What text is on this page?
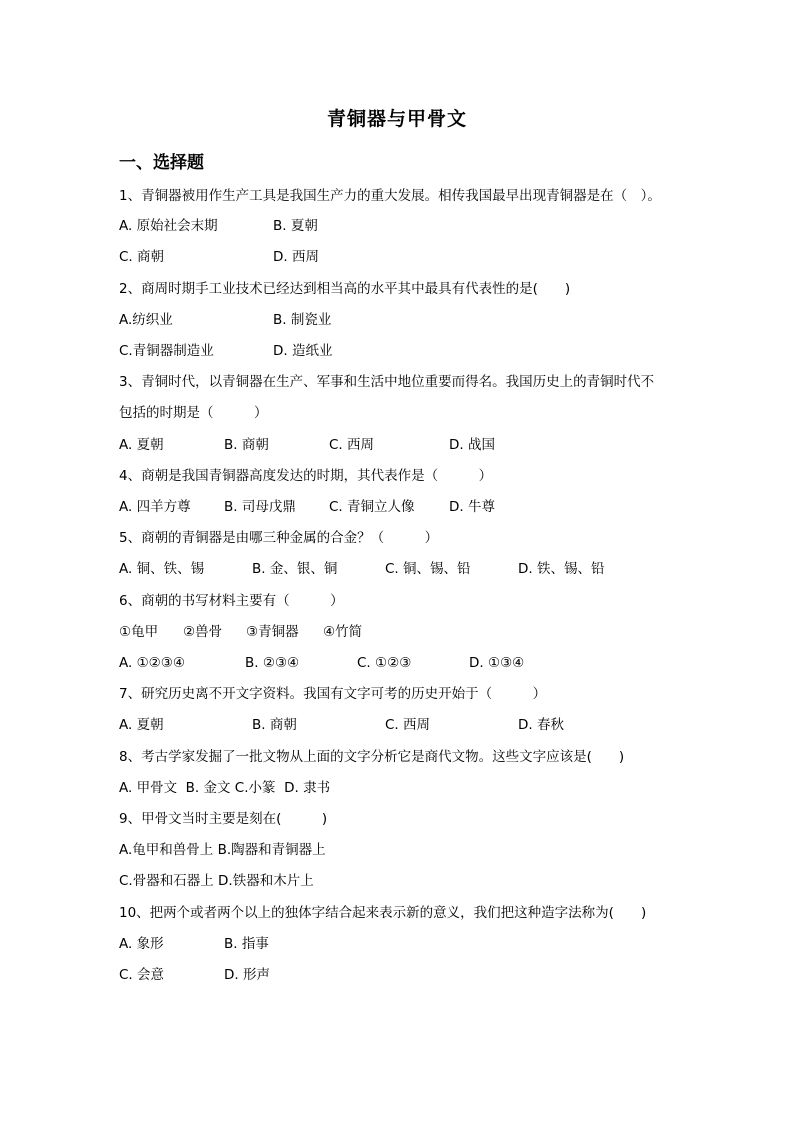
青铜器与甲骨文
一、选择题
1、青铜器被用作生产工具是我国生产力的重大发展。相传我国最早出现青铜器是在（　）。

A. 原始社会末期

	B. 夏朝

C. 商朝

	D. 西周

2、商周时期手工业技术已经达到相当高的水平其中最具有代表性的是(　　)

A.纺织业

	B. 制瓷业

C.青铜器制造业

	D. 造纸业

3、青铜时代，以青铜器在生产、军事和生活中地位重要而得名。我国历史上的青铜时代不
包括的时期是（　　　）

A. 夏朝

	B. 商朝

	C. 西周

	D. 战国

4、商朝是我国青铜器高度发达的时期，其代表作是（　　　）

A. 四羊方尊

B. 司母戊鼎

C. 青铜立人像

	D. 牛尊

5、商朝的青铜器是由哪三种金属的合金？（　　　）

A. 铜、铁、锡

	B. 金、银、铜

	C. 铜、锡、铅

	D. 铁、锡、铅

6、商朝的书写材料主要有（　　　）

①龟甲

②兽骨

③青铜器

④竹简

A. ①②③④

	B. ②③④

	C. ①②③

	D. ①③④

7、研究历史离不开文字资料。我国有文字可考的历史开始于（　　　）

A. 夏朝

	B. 商朝

	C. 西周

	D. 春秋

8、考古学家发掘了一批文物从上面的文字分析它是商代文物。这些文字应该是(　　)
A. 甲骨文  B. 金文 C.小篆  D. 隶书
9、甲骨文当时主要是刻在(　　　)
A.龟甲和兽骨上 B.陶器和青铜器上
C.骨器和石器上 D.铁器和木片上
10、把两个或者两个以上的独体字结合起来表示新的意义，我们把这种造字法称为(　　)

A. 象形

	B. 指事

C. 会意

	D. 形声
